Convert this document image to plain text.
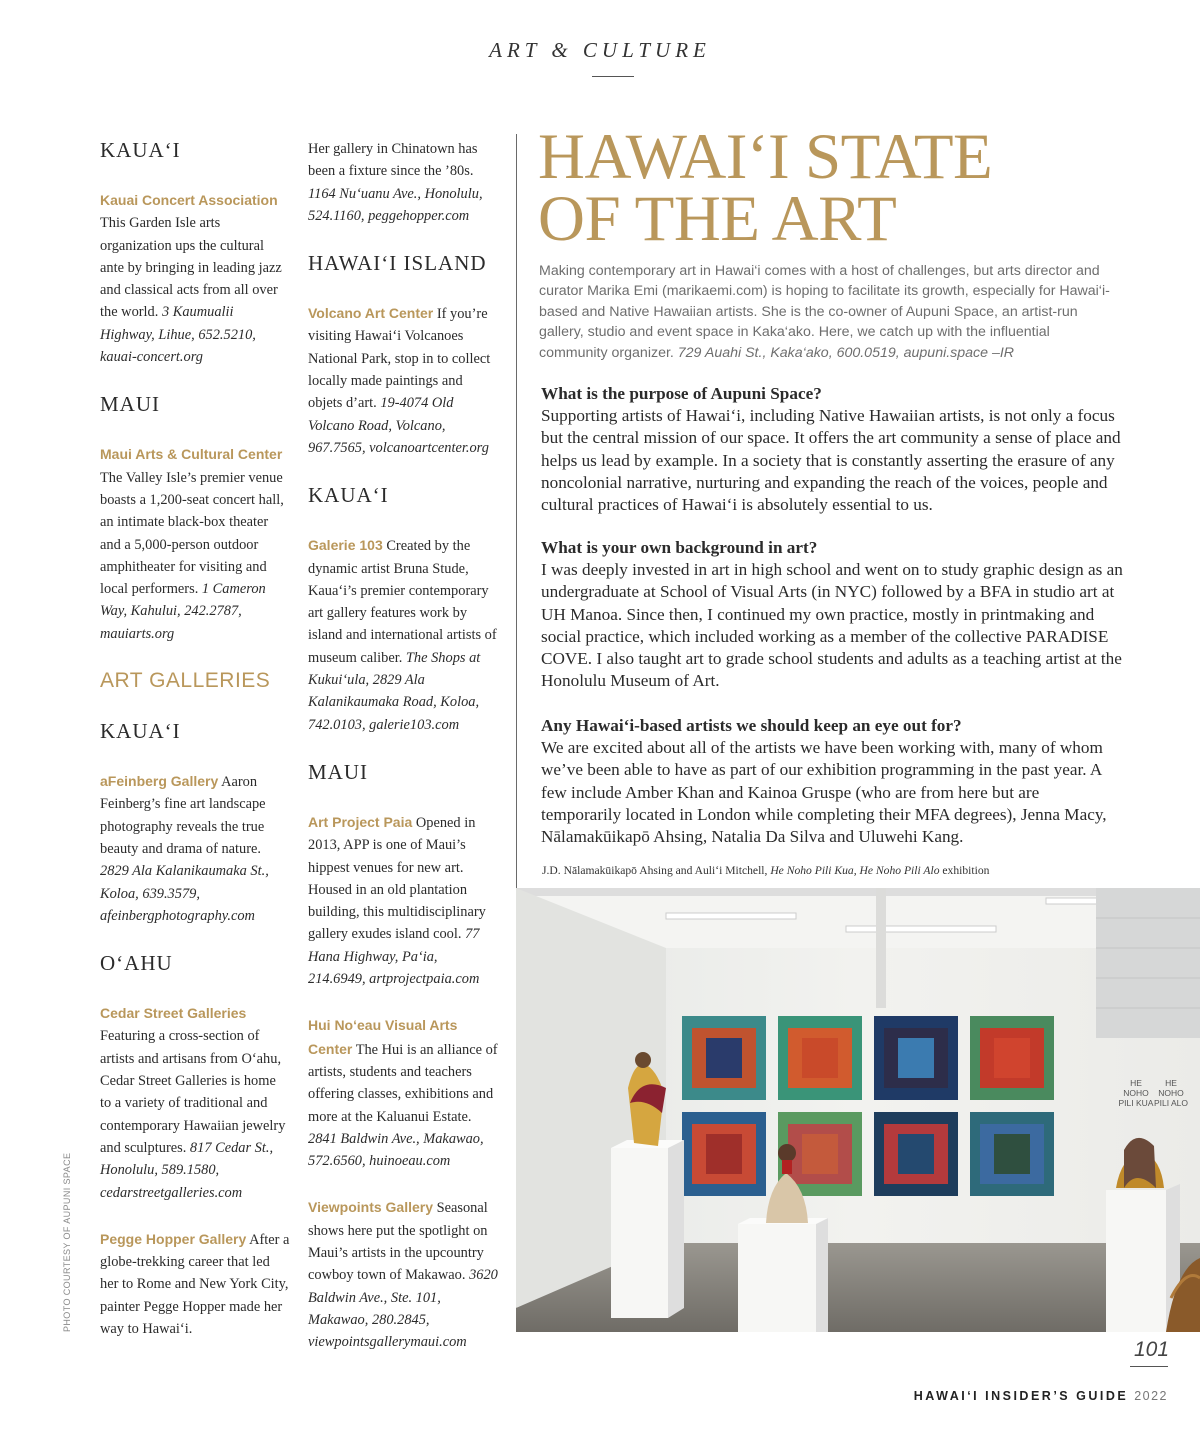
ART & CULTURE
KAUA‘I

Kauai Concert Association This Garden Isle arts organization ups the cultural ante by bringing in leading jazz and classical acts from all over the world. 3 Kaumualii Highway, Lihue, 652.5210, kauai-concert.org

MAUI

Maui Arts & Cultural Center The Valley Isle’s premier venue boasts a 1,200-seat concert hall, an intimate black-box theater and a 5,000-person outdoor amphitheater for visiting and local performers. 1 Cameron Way, Kahului, 242.2787, mauiarts.org

ART GALLERIES
KAUA‘I

aFeinberg Gallery Aaron Feinberg’s fine art landscape photography reveals the true beauty and drama of nature. 2829 Ala Kalanikaumaka St., Koloa, 639.3579, afeinbergphotography.com

O‘AHU

Cedar Street Galleries Featuring a cross-section of artists and artisans from O‘ahu, Cedar Street Galleries is home to a variety of traditional and contemporary Hawaiian jewelry and sculptures. 817 Cedar St., Honolulu, 589.1580, cedarstreetgalleries.com

Pegge Hopper Gallery After a globe-trekking career that led her to Rome and New York City, painter Pegge Hopper made her way to Hawai‘i.

Her gallery in Chinatown has been a fixture since the ’80s. 1164 Nu‘uanu Ave., Honolulu, 524.1160, peggehopper.com

HAWAI‘I ISLAND

Volcano Art Center If you’re visiting Hawai‘i Volcanoes National Park, stop in to collect locally made paintings and objets d’art. 19-4074 Old Volcano Road, Volcano, 967.7565, volcanoartcenter.org

KAUA‘I

Galerie 103 Created by the dynamic artist Bruna Stude, Kaua‘i’s premier contemporary art gallery features work by island and international artists of museum caliber. The Shops at Kukui‘ula, 2829 Ala Kalanikaumaka Road, Koloa, 742.0103, galerie103.com

MAUI

Art Project Paia Opened in 2013, APP is one of Maui’s hippest venues for new art. Housed in an old plantation building, this multidisciplinary gallery exudes island cool. 77 Hana Highway, Pa‘ia, 214.6949, artprojectpaia.com

Hui No‘eau Visual Arts Center The Hui is an alliance of artists, students and teachers offering classes, exhibitions and more at the Kaluanui Estate. 2841 Baldwin Ave., Makawao, 572.6560, huinoeau.com

Viewpoints Gallery Seasonal shows here put the spotlight on Maui’s artists in the upcountry cowboy town of Makawao. 3620 Baldwin Ave., Ste. 101, Makawao, 280.2845, viewpointsgallerymaui.com

HAWAI‘I STATE
OF THE ART

Making contemporary art in Hawai‘i comes with a host of challenges, but arts director and curator Marika Emi (marikaemi.com) is hoping to facilitate its growth, especially for Hawai‘i-based and Native Hawaiian artists. She is the co-owner of Aupuni Space, an artist-run gallery, studio and event space in Kaka‘ako. Here, we catch up with the influential community organizer. 729 Auahi St., Kaka‘ako, 600.0519, aupuni.space –IR

What is the purpose of Aupuni Space?
Supporting artists of Hawai‘i, including Native Hawaiian artists, is not only a focus but the central mission of our space. It offers the art community a sense of place and helps us lead by example. In a society that is constantly asserting the erasure of any noncolonial narrative, nurturing and expanding the reach of the voices, people and cultural practices of Hawai‘i is absolutely essential to us.
What is your own background in art?
I was deeply invested in art in high school and went on to study graphic design as an undergraduate at School of Visual Arts (in NYC) followed by a BFA in studio art at UH Manoa. Since then, I continued my own practice, mostly in printmaking and social practice, which included working as a member of the collective PARADISE COVE. I also taught art to grade school students and adults as a teaching artist at the Honolulu Museum of Art.
Any Hawai‘i-based artists we should keep an eye out for?
We are excited about all of the artists we have been working with, many of whom we’ve been able to have as part of our exhibition programming in the past year. A few include Amber Khan and Kainoa Gruspe (who are from here but are temporarily located in London while completing their MFA degrees), Jenna Macy, Nālamakūikapō Ahsing, Natalia Da Silva and Uluwehi Kang.
J.D. Nālamakūikapō Ahsing and Auli‘i Mitchell, He Noho Pili Kua, He Noho Pili Alo exhibition
HE
NOHO
PILI KUA
HE
NOHO
PILI ALO
PHOTO COURTESY OF AUPUNI SPACE
101
HAWAI‘I INSIDER’S GUIDE 2022
